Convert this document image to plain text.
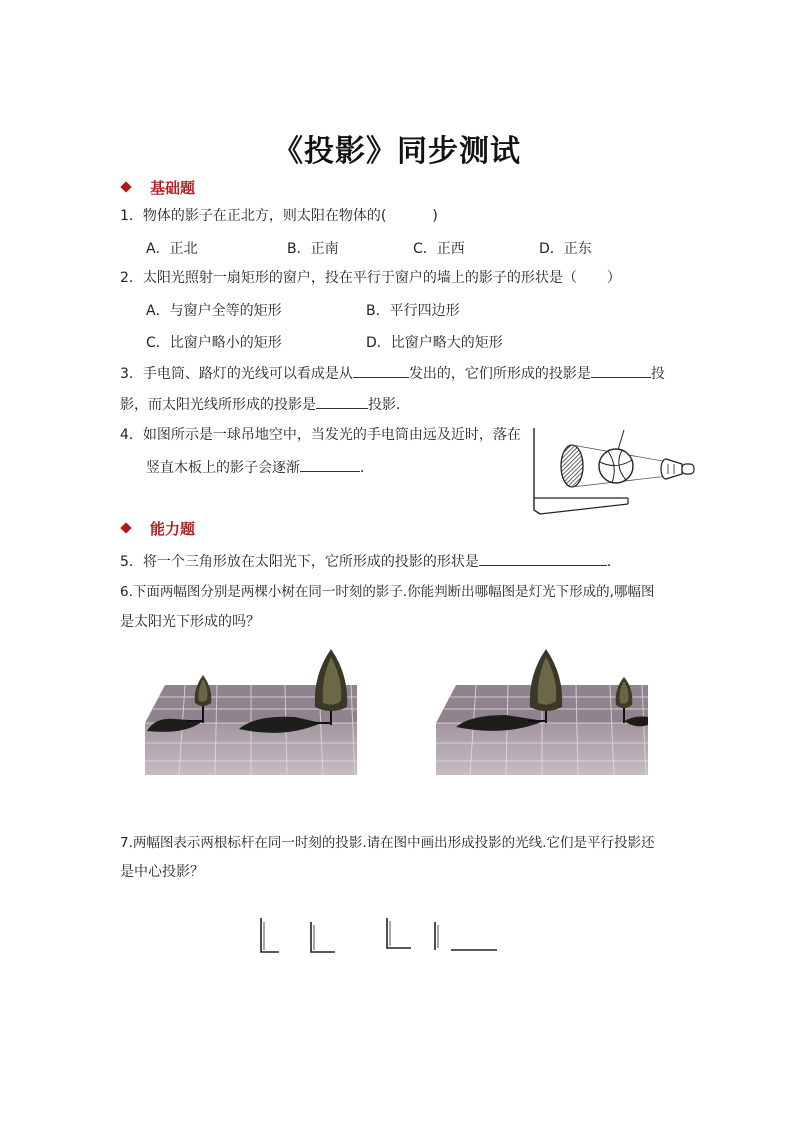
《投影》同步测试
基础题
1．物体的影子在正北方，则太阳在物体的(	)
A．正北	B．正南	C．正西	D．正东
2．太阳光照射一扇矩形的窗户，投在平行于窗户的墙上的影子的形状是（ ）
A．与窗户全等的矩形	B．平行四边形
C．比窗户略小的矩形	D．比窗户略大的矩形
3．手电筒、路灯的光线可以看成是从	发出的，它们所形成的投影是	投
影，而太阳光线所形成的投影是	投影．
4．如图所示是一球吊地空中，当发光的手电筒由远及近时，落在
竖直木板上的影子会逐渐	．
能力题
5．将一个三角形放在太阳光下，它所形成的投影的形状是	．
6.下面两幅图分别是两棵小树在同一时刻的影子.你能判断出哪幅图是灯光下形成的,哪幅图
是太阳光下形成的吗？
7.两幅图表示两根标杆在同一时刻的投影.请在图中画出形成投影的光线.它们是平行投影还
是中心投影？
